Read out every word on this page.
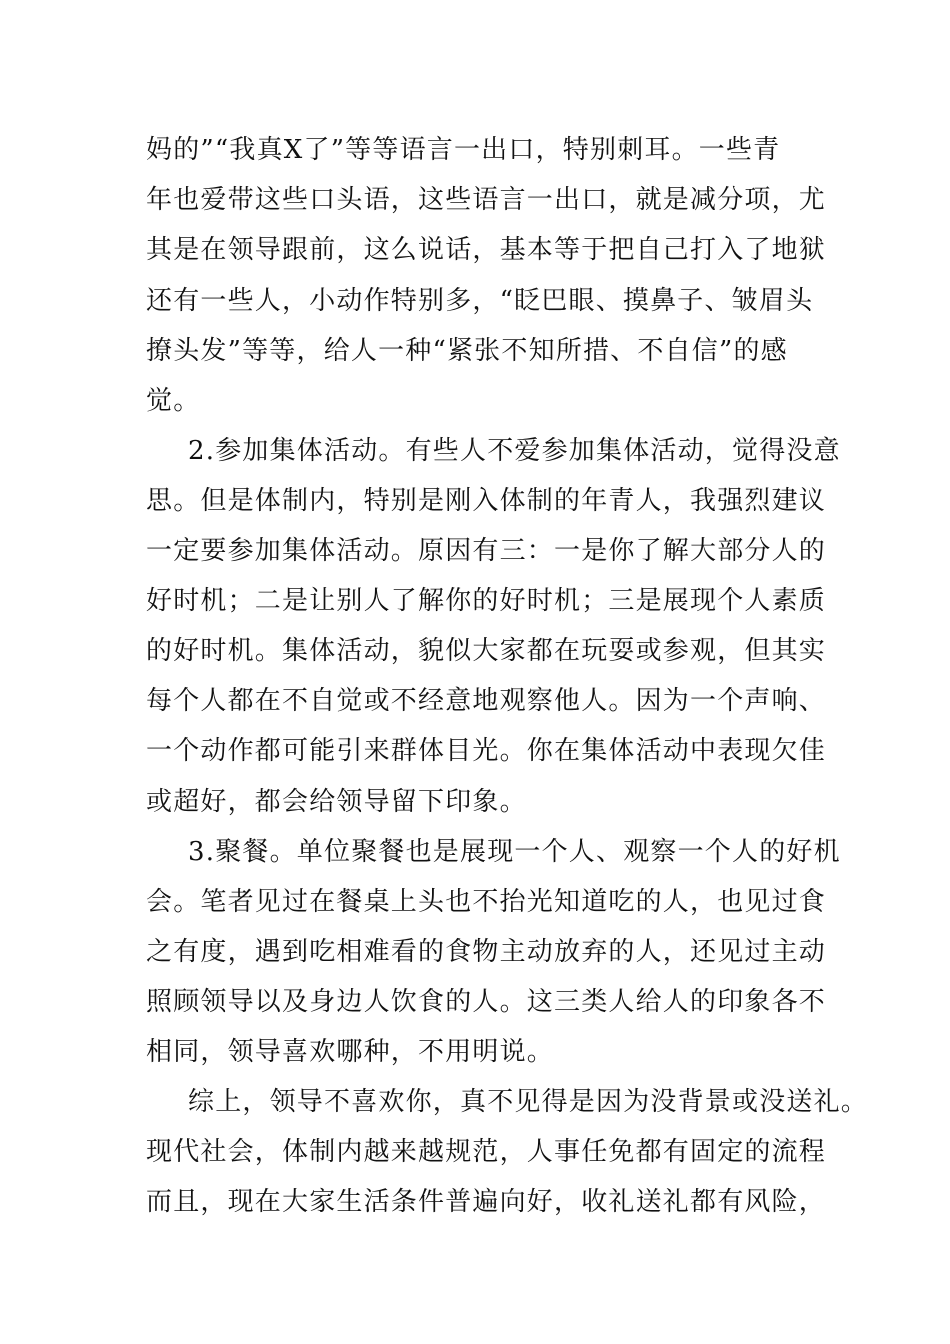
妈的”“我真X了”等等语言一出口，特别刺耳。一些青
年也爱带这些口头语，这些语言一出口，就是减分项，尤
其是在领导跟前，这么说话，基本等于把自己打入了地狱
还有一些人，小动作特别多，“眨巴眼、摸鼻子、皱眉头
撩头发”等等，给人一种“紧张不知所措、不自信”的感
觉。
2.参加集体活动。有些人不爱参加集体活动，觉得没意
思。但是体制内，特别是刚入体制的年青人，我强烈建议
一定要参加集体活动。原因有三：一是你了解大部分人的
好时机；二是让别人了解你的好时机；三是展现个人素质
的好时机。集体活动，貌似大家都在玩耍或参观，但其实
每个人都在不自觉或不经意地观察他人。因为一个声响、
一个动作都可能引来群体目光。你在集体活动中表现欠佳
或超好，都会给领导留下印象。
3.聚餐。单位聚餐也是展现一个人、观察一个人的好机
会。笔者见过在餐桌上头也不抬光知道吃的人，也见过食
之有度，遇到吃相难看的食物主动放弃的人，还见过主动
照顾领导以及身边人饮食的人。这三类人给人的印象各不
相同，领导喜欢哪种，不用明说。
综上，领导不喜欢你，真不见得是因为没背景或没送礼。
现代社会，体制内越来越规范，人事任免都有固定的流程
而且，现在大家生活条件普遍向好，收礼送礼都有风险，
